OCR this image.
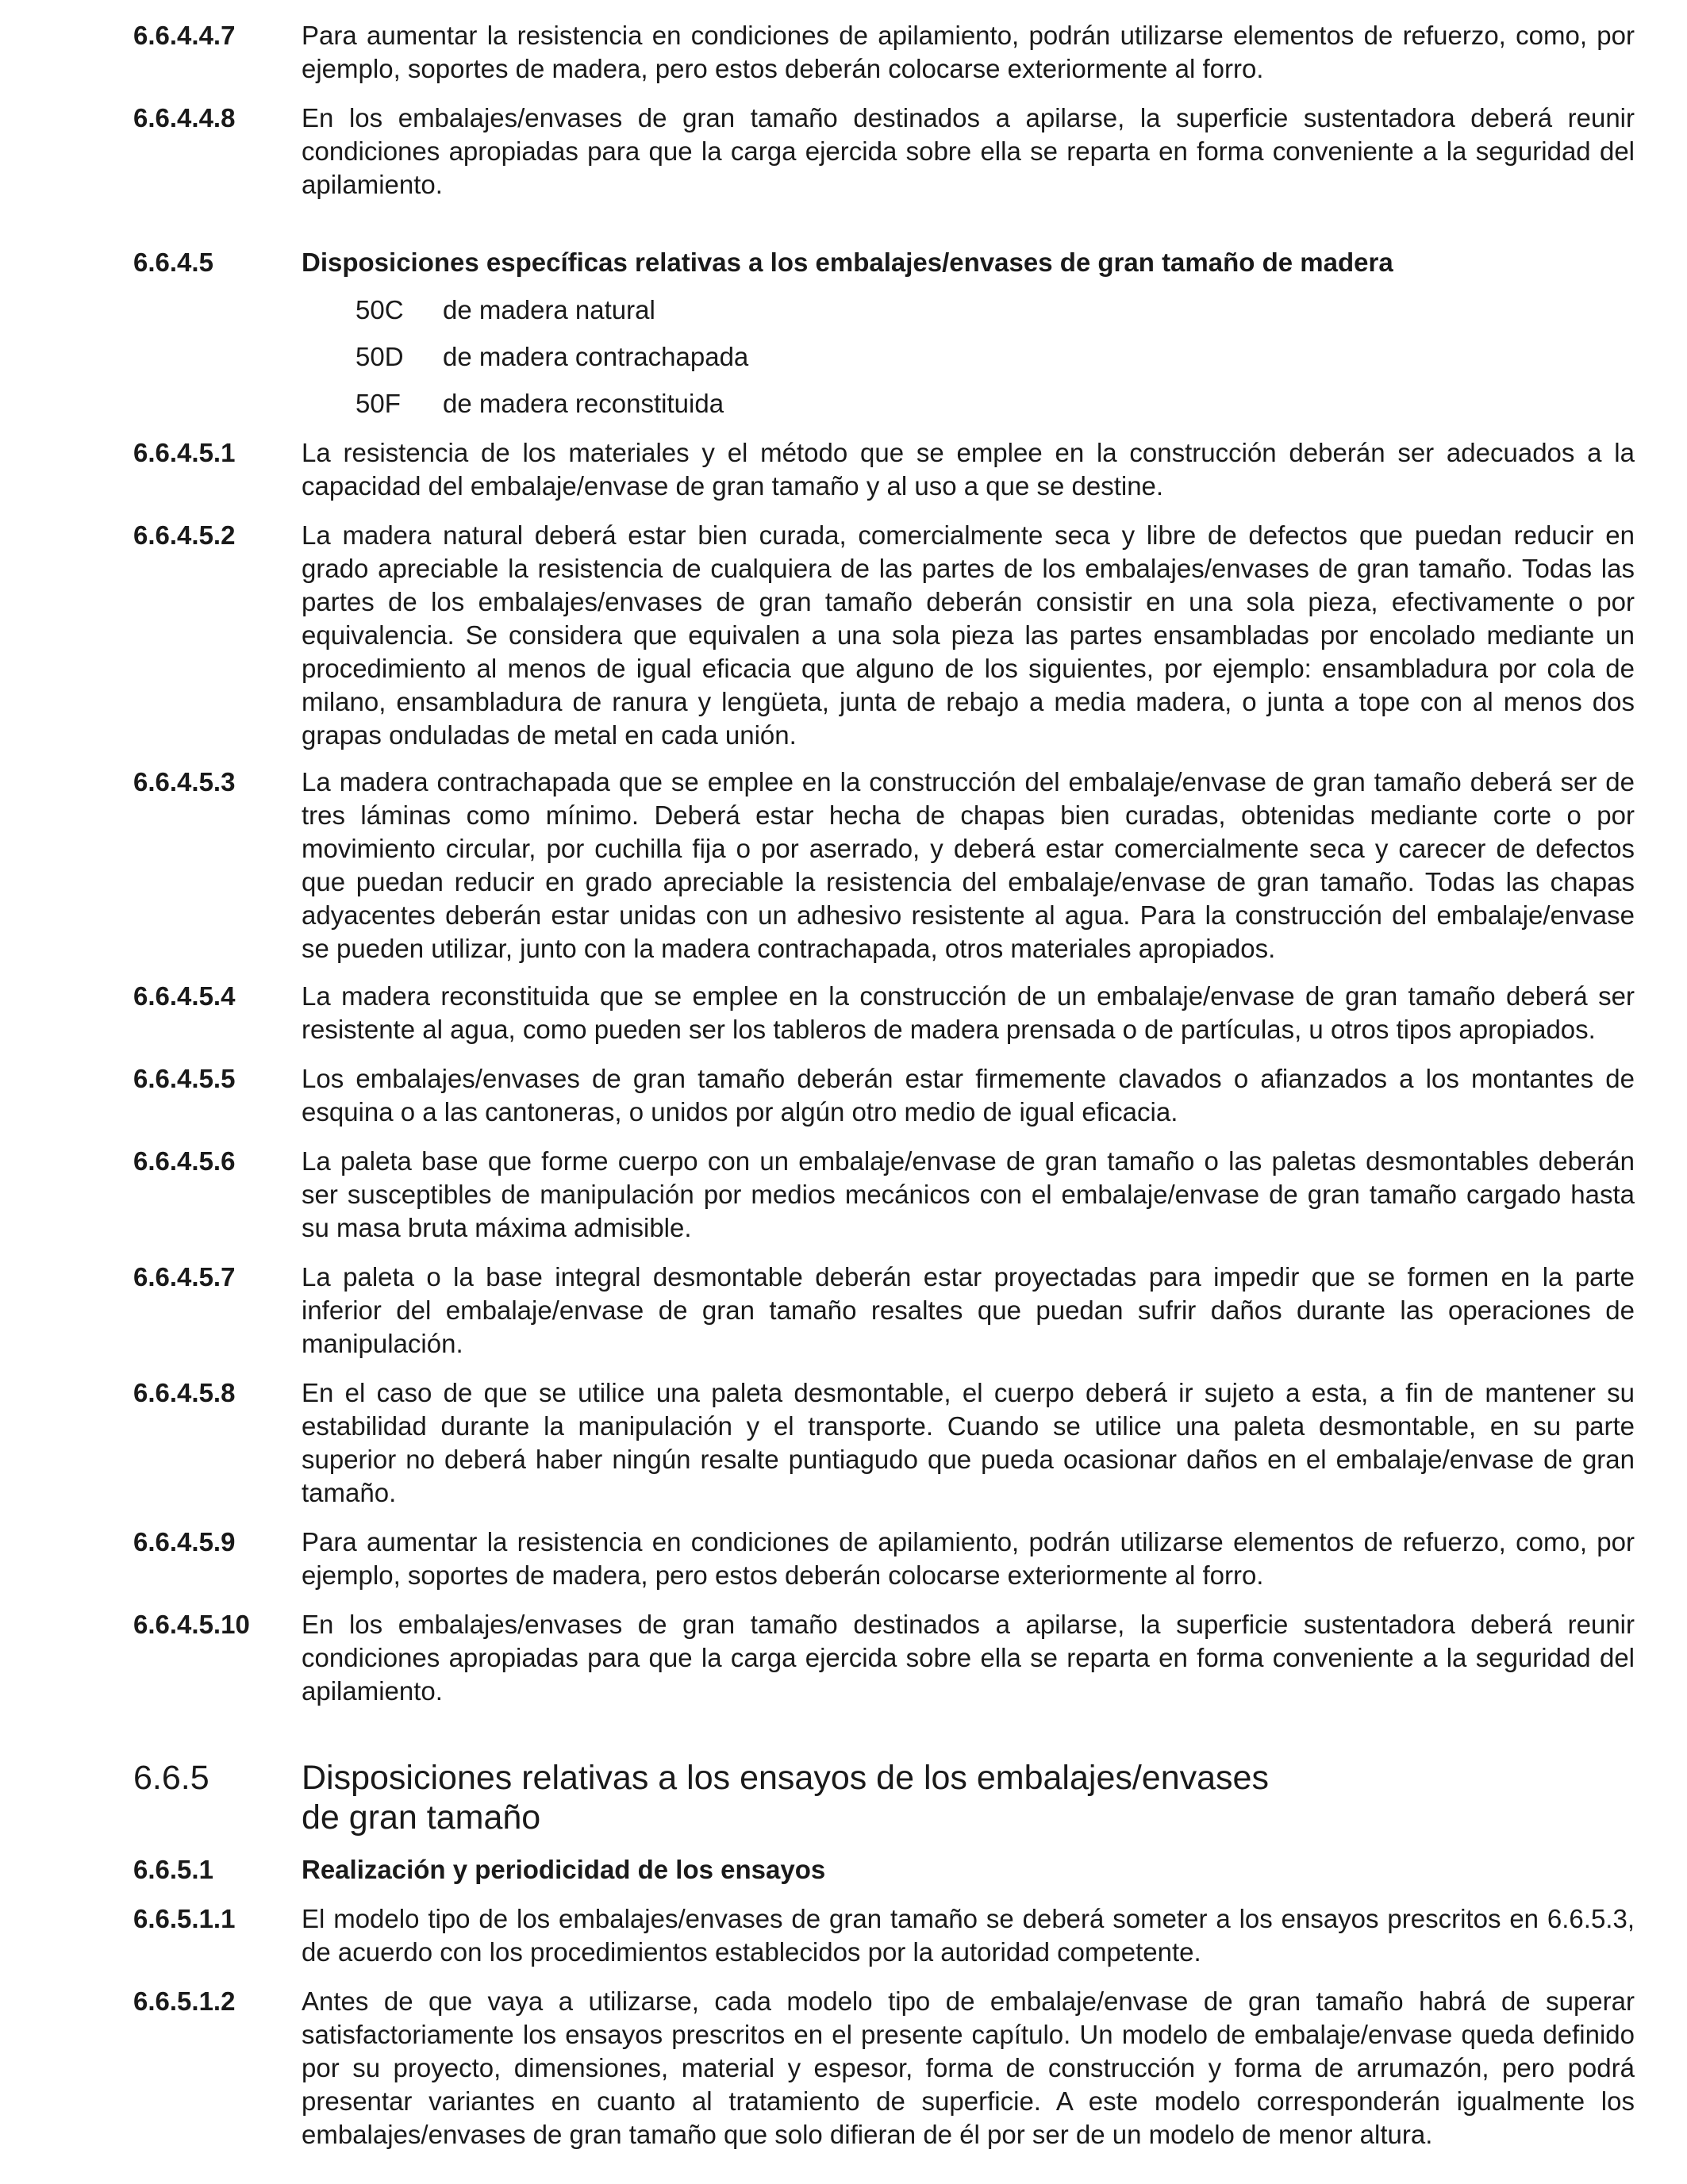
6.6.4.4.7	Para aumentar la resistencia en condiciones de apilamiento, podrán utilizarse elementos de refuerzo, como, por ejemplo, soportes de madera, pero estos deberán colocarse exteriormente al forro.
6.6.4.4.8	En los embalajes/envases de gran tamaño destinados a apilarse, la superficie sustentadora deberá reunir condiciones apropiadas para que la carga ejercida sobre ella se reparta en forma conveniente a la seguridad del apilamiento.
6.6.4.5	Disposiciones específicas relativas a los embalajes/envases de gran tamaño de madera
50C	de madera natural
50D	de madera contrachapada
50F	de madera reconstituida
6.6.4.5.1	La resistencia de los materiales y el método que se emplee en la construcción deberán ser adecuados a la capacidad del embalaje/envase de gran tamaño y al uso a que se destine.
6.6.4.5.2	La madera natural deberá estar bien curada, comercialmente seca y libre de defectos que puedan reducir en grado apreciable la resistencia de cualquiera de las partes de los embalajes/envases de gran tamaño. Todas las partes de los embalajes/envases de gran tamaño deberán consistir en una sola pieza, efectivamente o por equivalencia. Se considera que equivalen a una sola pieza las partes ensambladas por encolado mediante un procedimiento al menos de igual eficacia que alguno de los siguientes, por ejemplo: ensambladura por cola de milano, ensambladura de ranura y lengüeta, junta de rebajo a media madera, o junta a tope con al menos dos grapas onduladas de metal en cada unión.
6.6.4.5.3	La madera contrachapada que se emplee en la construcción del embalaje/envase de gran tamaño deberá ser de tres láminas como mínimo. Deberá estar hecha de chapas bien curadas, obtenidas mediante corte o por movimiento circular, por cuchilla fija o por aserrado, y deberá estar comercialmente seca y carecer de defectos que puedan reducir en grado apreciable la resistencia del embalaje/envase de gran tamaño. Todas las chapas adyacentes deberán estar unidas con un adhesivo resistente al agua. Para la construcción del embalaje/envase se pueden utilizar, junto con la madera contrachapada, otros materiales apropiados.
6.6.4.5.4	La madera reconstituida que se emplee en la construcción de un embalaje/envase de gran tamaño deberá ser resistente al agua, como pueden ser los tableros de madera prensada o de partículas, u otros tipos apropiados.
6.6.4.5.5	Los embalajes/envases de gran tamaño deberán estar firmemente clavados o afianzados a los montantes de esquina o a las cantoneras, o unidos por algún otro medio de igual eficacia.
6.6.4.5.6	La paleta base que forme cuerpo con un embalaje/envase de gran tamaño o las paletas desmontables deberán ser susceptibles de manipulación por medios mecánicos con el embalaje/envase de gran tamaño cargado hasta su masa bruta máxima admisible.
6.6.4.5.7	La paleta o la base integral desmontable deberán estar proyectadas para impedir que se formen en la parte inferior del embalaje/envase de gran tamaño resaltes que puedan sufrir daños durante las operaciones de manipulación.
6.6.4.5.8	En el caso de que se utilice una paleta desmontable, el cuerpo deberá ir sujeto a esta, a fin de mantener su estabilidad durante la manipulación y el transporte. Cuando se utilice una paleta desmontable, en su parte superior no deberá haber ningún resalte puntiagudo que pueda ocasionar daños en el embalaje/envase de gran tamaño.
6.6.4.5.9	Para aumentar la resistencia en condiciones de apilamiento, podrán utilizarse elementos de refuerzo, como, por ejemplo, soportes de madera, pero estos deberán colocarse exteriormente al forro.
6.6.4.5.10	En los embalajes/envases de gran tamaño destinados a apilarse, la superficie sustentadora deberá reunir condiciones apropiadas para que la carga ejercida sobre ella se reparta en forma conveniente a la seguridad del apilamiento.
6.6.5	Disposiciones relativas a los ensayos de los embalajes/envases
de gran tamaño
6.6.5.1	Realización y periodicidad de los ensayos
6.6.5.1.1	El modelo tipo de los embalajes/envases de gran tamaño se deberá someter a los ensayos prescritos en 6.6.5.3, de acuerdo con los procedimientos establecidos por la autoridad competente.
6.6.5.1.2	Antes de que vaya a utilizarse, cada modelo tipo de embalaje/envase de gran tamaño habrá de superar satisfactoriamente los ensayos prescritos en el presente capítulo. Un modelo de embalaje/envase queda definido por su proyecto, dimensiones, material y espesor, forma de construcción y forma de arrumazón, pero podrá presentar variantes en cuanto al tratamiento de superficie. A este modelo corresponderán igualmente los embalajes/envases de gran tamaño que solo difieran de él por ser de un modelo de menor altura.
